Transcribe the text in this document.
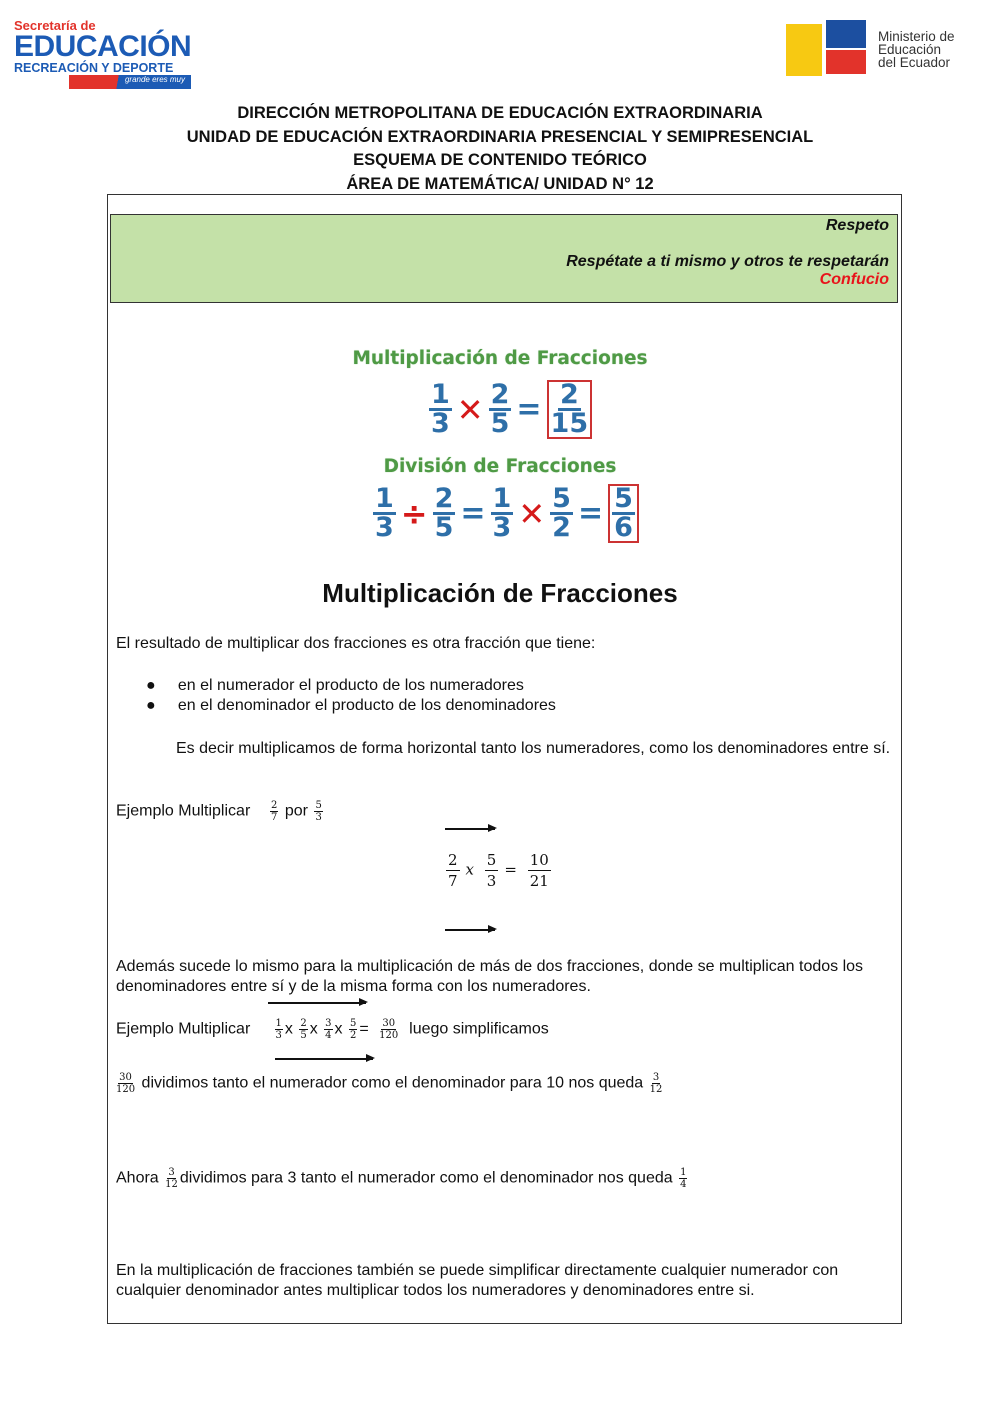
Secretaría de
EDUCACIÓN
RECREACIÓN Y DEPORTE
grande eres muy
Ministerio de
Educación
del Ecuador
DIRECCIÓN METROPOLITANA DE EDUCACIÓN EXTRAORDINARIA
UNIDAD DE EDUCACIÓN EXTRAORDINARIA PRESENCIAL Y SEMIPRESENCIAL
ESQUEMA DE CONTENIDO TEÓRICO
ÁREA DE MATEMÁTICA/ UNIDAD N° 12
Respeto
Respétate a ti mismo y otros te respetarán
Confucio
Multiplicación de Fracciones
1
3 ✕ $\frac{2}{5} = \frac{2}{15}$
División de Fracciones
$\frac{1}{3} \div \frac{2}{5} = \frac{1}{3}$ ✕ $\frac{5}{2} = \frac{5}{6}$
Multiplicación de Fracciones
El resultado de multiplicar dos fracciones es otra fracción que tiene:
●     en el numerador el producto de los numeradores
●     en el denominador el producto de los denominadores
Es decir multiplicamos de forma horizontal tanto los numeradores, como los denominadores entre sí.
Ejemplo Multiplicar $\frac{2}{7}$ por $\frac{5}{3}$
$\frac{2}{7}$ x $\frac{5}{3} = \frac{10}{21}$
Además sucede lo mismo para la multiplicación de más de dos fracciones, donde se multiplican todos los denominadores entre sí y de la misma forma con los numeradores.
Ejemplo Multiplicar $\frac{1}{3}$ x $\frac{2}{5}$ x $\frac{3}{4}$ x $\frac{5}{2} = \frac{30}{120}$ luego simplificamos
$\frac{30}{120}$ dividimos tanto el numerador como el denominador para 10 nos queda $\frac{3}{12}$
Ahora $\frac{3}{12}$ dividimos para 3 tanto el numerador como el denominador nos queda $\frac{1}{4}$
En la multiplicación de fracciones también se puede simplificar directamente cualquier numerador con cualquier denominador antes multiplicar todos los numeradores y denominadores entre si.
